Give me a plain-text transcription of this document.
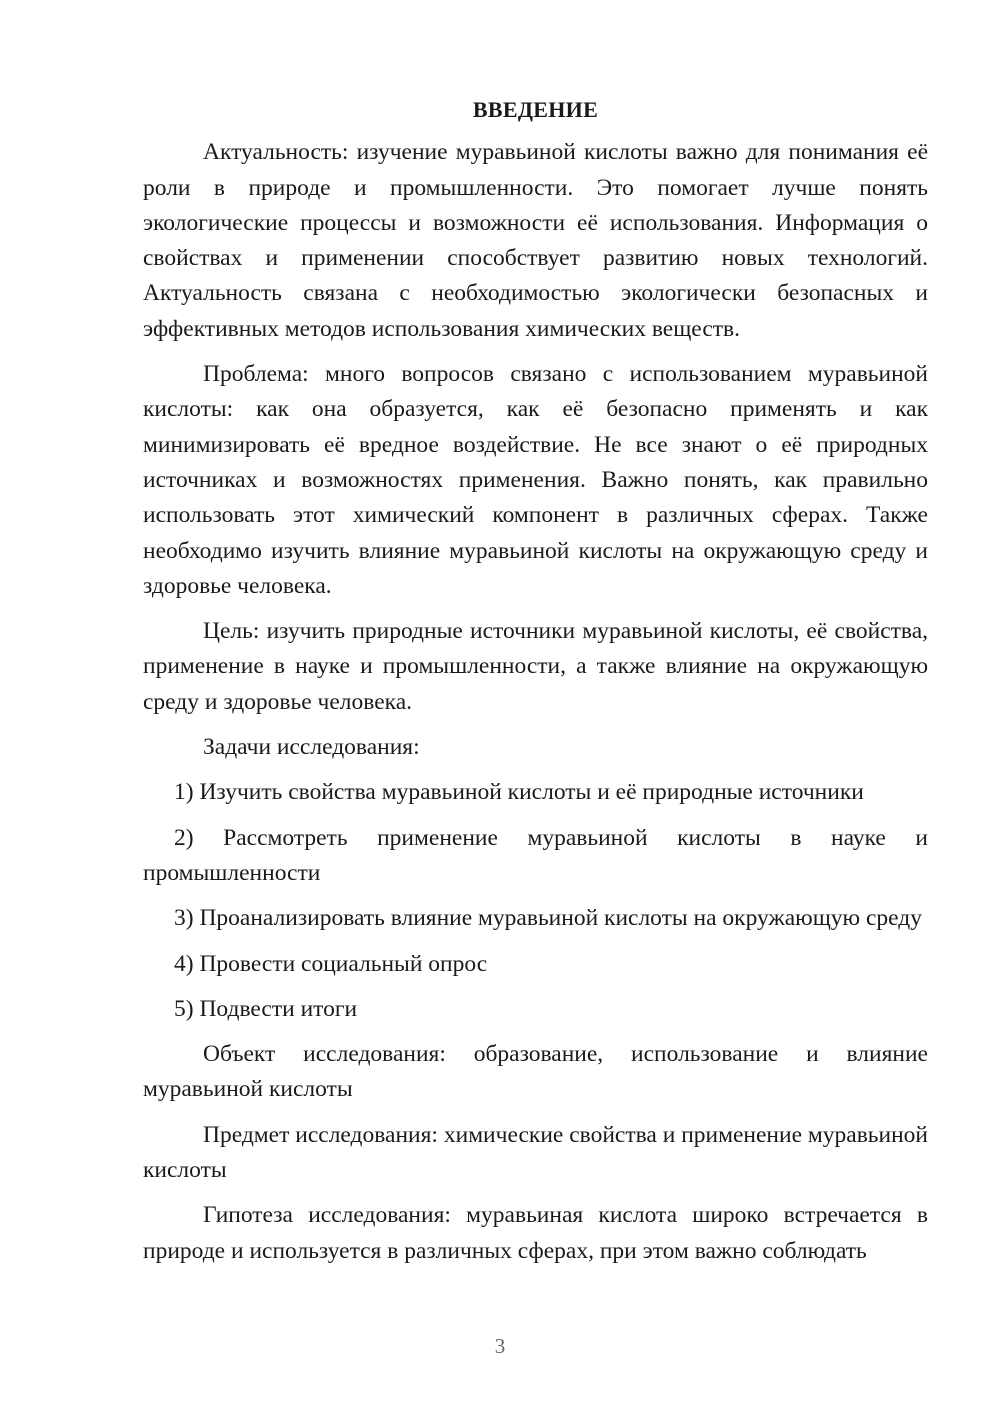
ВВЕДЕНИЕ

Актуальность: изучение муравьиной кислоты важно для понимания её роли в природе и промышленности. Это помогает лучше понять экологические процессы и возможности её использования. Информация о свойствах и применении способствует развитию новых технологий. Актуальность связана с необходимостью экологически безопасных и эффективных методов использования химических веществ.

Проблема: много вопросов связано с использованием муравьиной кислоты: как она образуется, как её безопасно применять и как минимизировать её вредное воздействие. Не все знают о её природных источниках и возможностях применения. Важно понять, как правильно использовать этот химический компонент в различных сферах. Также необходимо изучить влияние муравьиной кислоты на окружающую среду и здоровье человека.

Цель: изучить природные источники муравьиной кислоты, её свойства, применение в науке и промышленности, а также влияние на окружающую среду и здоровье человека.

Задачи исследования:

1) Изучить свойства муравьиной кислоты и её природные источники

2) Рассмотреть применение муравьиной кислоты в науке и промышленности

3) Проанализировать влияние муравьиной кислоты на окружающую среду

4) Провести социальный опрос

5) Подвести итоги

Объект исследования: образование, использование и влияние муравьиной кислоты

Предмет исследования: химические свойства и применение муравьиной кислоты

Гипотеза исследования: муравьиная кислота широко встречается в природе и используется в различных сферах, при этом важно соблюдать

3
